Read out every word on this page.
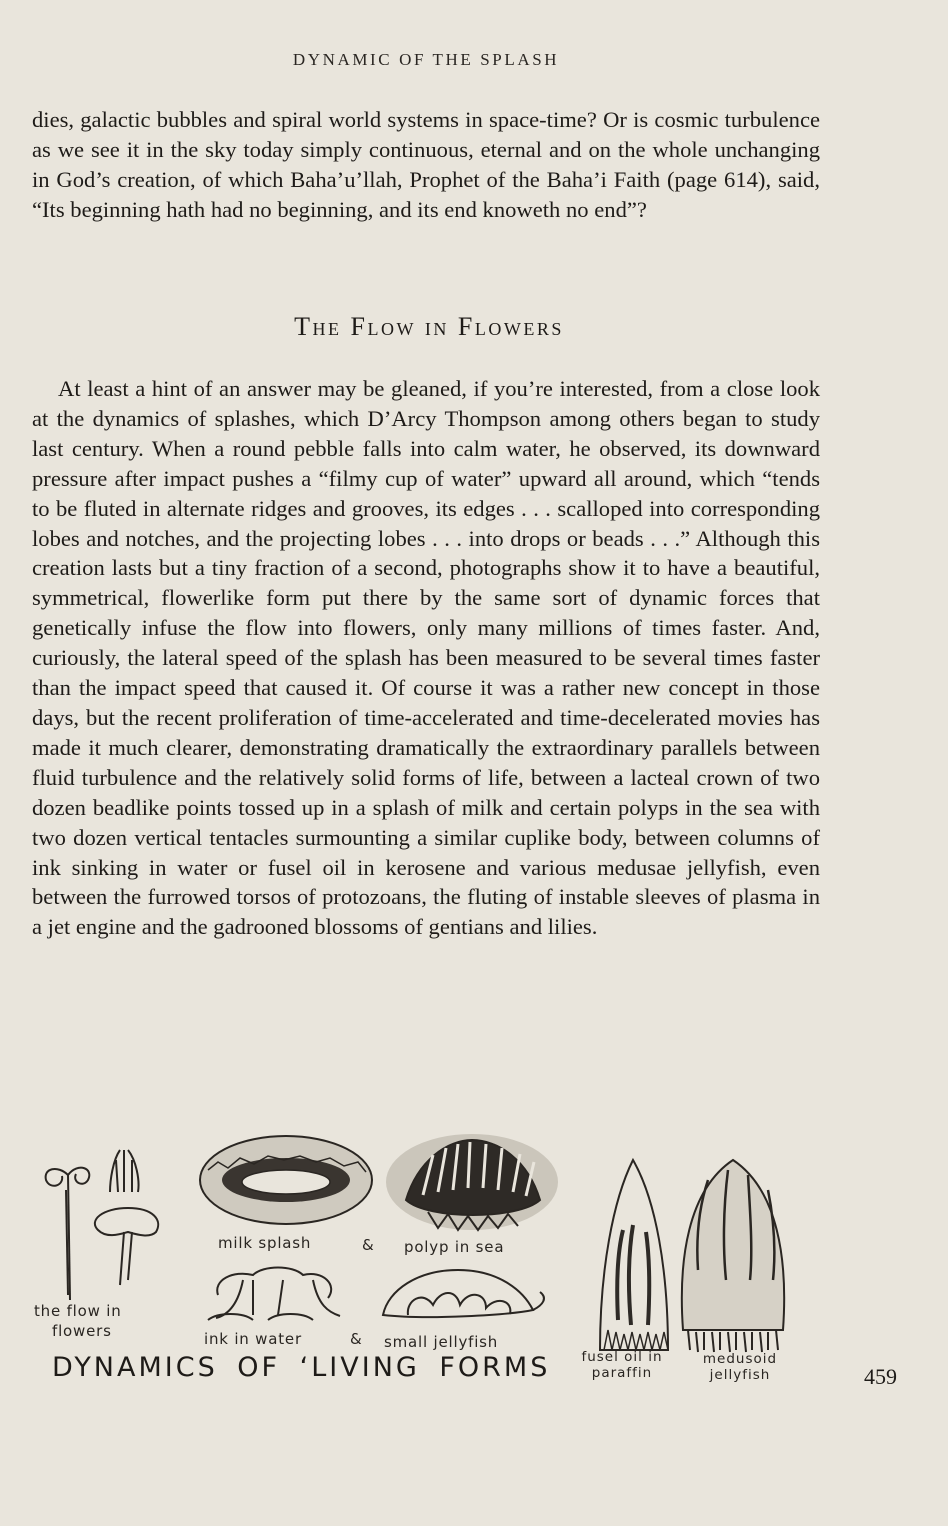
DYNAMIC OF THE SPLASH

dies, galactic bubbles and spiral world systems in space-time? Or is cosmic turbulence as we see it in the sky today simply continuous, eternal and on the whole unchanging in God’s creation, of which Baha’u’llah, Prophet of the Baha’i Faith (page 614), said, “Its beginning hath had no beginning, and its end knoweth no end”?

The Flow in Flowers

At least a hint of an answer may be gleaned, if you’re interested, from a close look at the dynamics of splashes, which D’Arcy Thompson among others began to study last century. When a round pebble falls into calm water, he observed, its downward pressure after impact pushes a “filmy cup of water” upward all around, which “tends to be fluted in alternate ridges and grooves, its edges . . . scalloped into corresponding lobes and notches, and the projecting lobes . . . into drops or beads . . .” Although this creation lasts but a tiny fraction of a second, photographs show it to have a beautiful, symmetrical, flowerlike form put there by the same sort of dynamic forces that genetically infuse the flow into flowers, only many millions of times faster. And, curiously, the lateral speed of the splash has been measured to be several times faster than the impact speed that caused it. Of course it was a rather new concept in those days, but the recent proliferation of time-accelerated and time-decelerated movies has made it much clearer, demonstrating dramatically the extraordinary parallels between fluid turbulence and the relatively solid forms of life, between a lacteal crown of two dozen beadlike points tossed up in a splash of milk and certain polyps in the sea with two dozen vertical tentacles surmounting a similar cuplike body, between columns of ink sinking in water or fusel oil in kerosene and various medusae jellyfish, even between the furrowed torsos of protozoans, the fluting of instable sleeves of plasma in a jet engine and the gadrooned blossoms of gentians and lilies.

the flow in
flowers
milk splash	& polyp in sea
ink in water	& small jellyfish
fusel oil in
paraffin
medusoid
jellyfish
DYNAMICS OF ‘LIVING FORMS	459
